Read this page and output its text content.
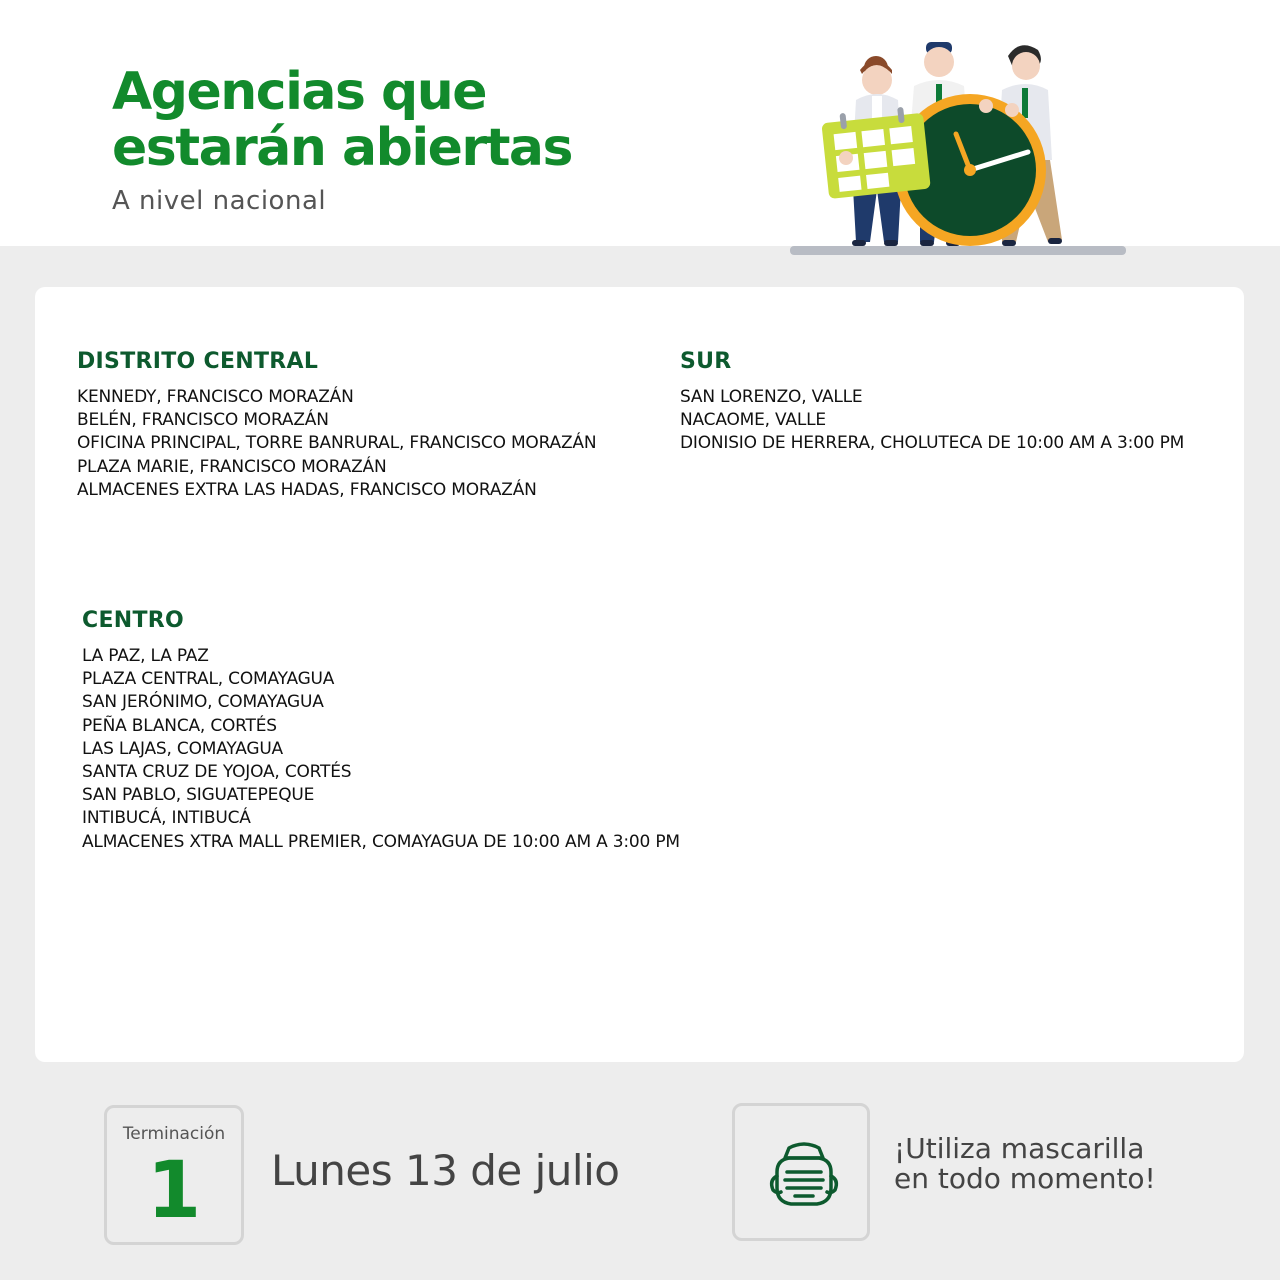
Agencias que
estarán abiertas
A nivel nacional
DISTRITO CENTRAL
KENNEDY, FRANCISCO MORAZÁN
BELÉN, FRANCISCO MORAZÁN
OFICINA PRINCIPAL, TORRE BANRURAL, FRANCISCO MORAZÁN
PLAZA MARIE, FRANCISCO MORAZÁN
ALMACENES EXTRA LAS HADAS, FRANCISCO MORAZÁN
SUR
SAN LORENZO, VALLE
NACAOME, VALLE
DIONISIO DE HERRERA, CHOLUTECA DE 10:00 AM A 3:00 PM
CENTRO
LA PAZ, LA PAZ
PLAZA CENTRAL, COMAYAGUA
SAN JERÓNIMO, COMAYAGUA
PEÑA BLANCA, CORTÉS
LAS LAJAS, COMAYAGUA
SANTA CRUZ DE YOJOA, CORTÉS
SAN PABLO, SIGUATEPEQUE
INTIBUCÁ, INTIBUCÁ
ALMACENES XTRA MALL PREMIER, COMAYAGUA DE 10:00 AM A 3:00 PM
Terminación
1	Lunes 13 de julio	¡Utiliza mascarilla
en todo momento!
